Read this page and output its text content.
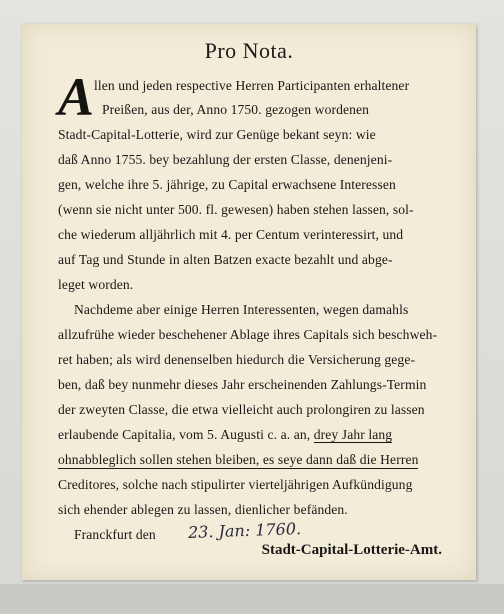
Pro Nota.
A llen und jeden respective Herren Participanten erhaltener
Preißen, aus der, Anno 1750. gezogen wordenen
Stadt-Capital-Lotterie, wird zur Genüge bekant seyn: wie
daß Anno 1755. bey bezahlung der ersten Classe, denenjeni-
gen, welche ihre 5. jährige, zu Capital erwachsene Interessen
(wenn sie nicht unter 500. fl. gewesen) haben stehen lassen, sol-
che wiederum alljährlich mit 4. per Centum verinteressirt, und
auf Tag und Stunde in alten Batzen exacte bezahlt und abge-
leget worden.
Nachdeme aber einige Herren Interessenten, wegen damahls
allzufrühe wieder beschehener Ablage ihres Capitals sich beschweh-
ret haben; als wird denenselben hiedurch die Versicherung gege-
ben, daß bey nunmehr dieses Jahr erscheinenden Zahlungs-Termin
der zweyten Classe, die etwa vielleicht auch prolongiren zu lassen
erlaubende Capitalia, vom 5. Augusti c. a. an, drey Jahr lang
ohnabbleglich sollen stehen bleiben, es seye dann daß die Herren
Creditores, solche nach stipulirter vierteljährigen Aufkündigung
sich ehender ablegen zu lassen, dienlicher befänden.
Franckfurt den 23. Jan: 1760.
Stadt-Capital-Lotterie-Amt.
